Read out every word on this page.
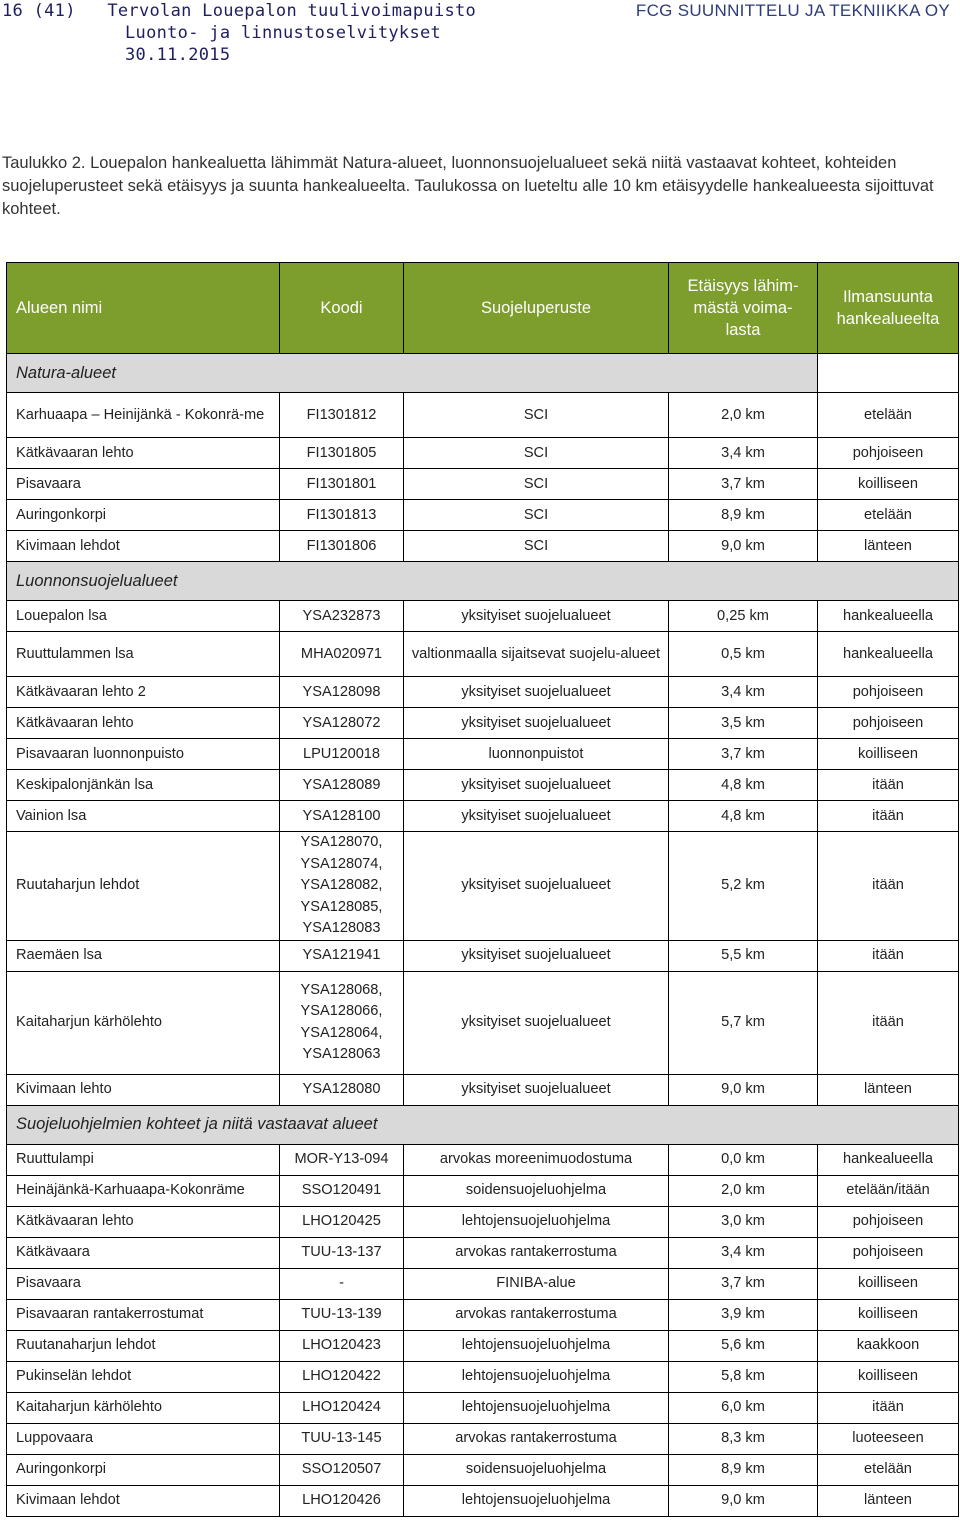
16 (41) Tervolan Louepalon tuulivoimapuisto
Luonto- ja linnustoselvitykset
30.11.2015
FCG SUUNNITTELU JA TEKNIIKKA OY
Taulukko 2. Louepalon hankealuetta lähimmät Natura-alueet, luonnonsuojelualueet sekä niitä vastaavat kohteet, kohteiden suojeluperusteet sekä etäisyys ja suunta hankealueelta. Taulukossa on lueteltu alle 10 km etäisyydelle hankealueesta sijoittuvat kohteet.
Alueen nimi	Koodi	Suojeluperuste	Etäisyys lähim-mästä voima-lasta	Ilmansuunta hankealueelta
Natura-alueet				
Karhuaapa – Heinijänkä - Kokonrä-me	FI1301812	SCI	2,0 km	etelään
Kätkävaaran lehto	FI1301805	SCI	3,4 km	pohjoiseen
Pisavaara	FI1301801	SCI	3,7 km	koilliseen
Auringonkorpi	FI1301813	SCI	8,9 km	etelään
Kivimaan lehdot	FI1301806	SCI	9,0 km	länteen
Luonnonsuojelualueet				
Louepalon lsa	YSA232873	yksityiset suojelualueet	0,25 km	hankealueella
Ruuttulammen lsa	MHA020971	valtionmaalla sijaitsevat suojelu-alueet	0,5 km	hankealueella
Kätkävaaran lehto 2	YSA128098	yksityiset suojelualueet	3,4 km	pohjoiseen
Kätkävaaran lehto	YSA128072	yksityiset suojelualueet	3,5 km	pohjoiseen
Pisavaaran luonnonpuisto	LPU120018	luonnonpuistot	3,7 km	koilliseen
Keskipalonjänkän lsa	YSA128089	yksityiset suojelualueet	4,8 km	itään
Vainion lsa	YSA128100	yksityiset suojelualueet	4,8 km	itään
Ruutaharjun lehdot	YSA128070,
YSA128074,
YSA128082,
YSA128085,
YSA128083	yksityiset suojelualueet	5,2 km	itään
Raemäen lsa	YSA121941	yksityiset suojelualueet	5,5 km	itään
Kaitaharjun kärhölehto	YSA128068,
YSA128066,
YSA128064,
YSA128063	yksityiset suojelualueet	5,7 km	itään
Kivimaan lehto	YSA128080	yksityiset suojelualueet	9,0 km	länteen
Suojeluohjelmien kohteet ja niitä vastaavat alueet				
Ruuttulampi	MOR-Y13-094	arvokas moreenimuodostuma	0,0 km	hankealueella
Heinäjänkä-Karhuaapa-Kokonräme	SSO120491	soidensuojeluohjelma	2,0 km	etelään/itään
Kätkävaaran lehto	LHO120425	lehtojensuojeluohjelma	3,0 km	pohjoiseen
Kätkävaara	TUU-13-137	arvokas rantakerrostuma	3,4 km	pohjoiseen
Pisavaara	-	FINIBA-alue	3,7 km	koilliseen
Pisavaaran rantakerrostumat	TUU-13-139	arvokas rantakerrostuma	3,9 km	koilliseen
Ruutanaharjun lehdot	LHO120423	lehtojensuojeluohjelma	5,6 km	kaakkoon
Pukinselän lehdot	LHO120422	lehtojensuojeluohjelma	5,8 km	koilliseen
Kaitaharjun kärhölehto	LHO120424	lehtojensuojeluohjelma	6,0 km	itään
Luppovaara	TUU-13-145	arvokas rantakerrostuma	8,3 km	luoteeseen
Auringonkorpi	SSO120507	soidensuojeluohjelma	8,9 km	etelään
Kivimaan lehdot	LHO120426	lehtojensuojeluohjelma	9,0 km	länteen
